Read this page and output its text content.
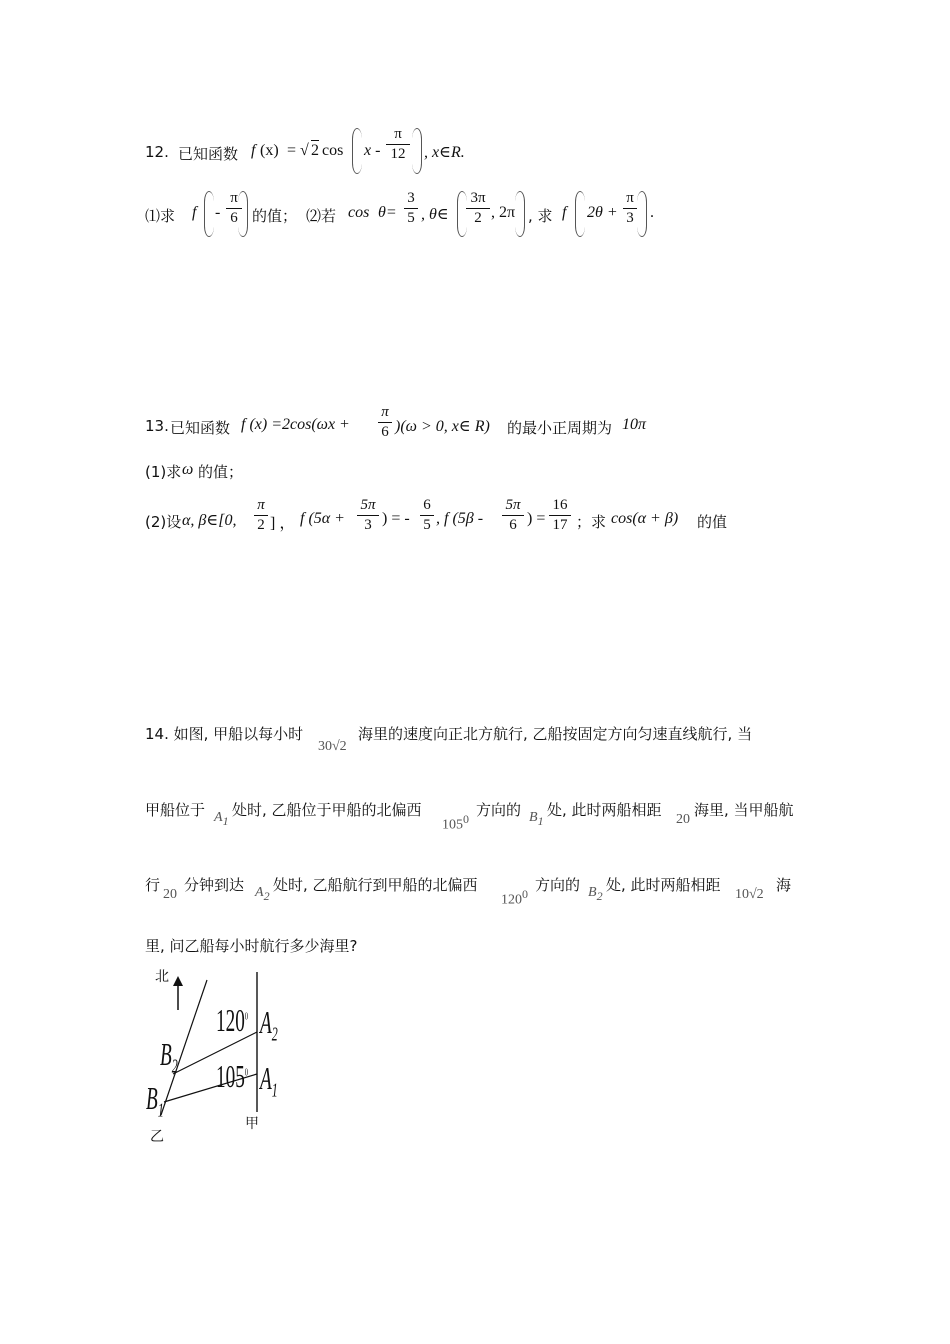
12. 已知函数 f (x) = √ 2 cos x -
π
12 , x∈R.
⑴求 f -
π
6 的值； ⑵若 cos θ=
3
5 , θ∈
3π
2 , 2π , 求 f 2θ +
π
3 .
13. 已知函数 f (x) =2cos(ωx +
π
6 )(ω > 0, x∈ R) 的最小正周期为 10π
(1)求 ω 的值；
(2)设 α, β∈[0,
π
2 ] ， f (5α +
5π
3 ) = -
6
5 , f (5β -
5π
6 ) =
16
17 ；求 cos(α + β) 的值
14. 如图, 甲船以每小时
30√2
海里的速度向正北方航行, 乙船按固定方向匀速直线航行, 当
甲船位于 $A_1$
处时, 乙船位于甲船的北偏西
$105^0$ 方向的 $B_1$
处, 此时两船相距
20
海里, 当甲船航
行
20
分钟到达 $A_2$
处时, 乙船航行到甲船的北偏西
$120^0$ 方向的 $B_2$
处, 此时两船相距
10√2
海
里, 问乙船每小时航行多少海里?
北
甲
乙
$120^0$
$105^0$
$A_2$
$A_1$
$B_2$
$B_1$
